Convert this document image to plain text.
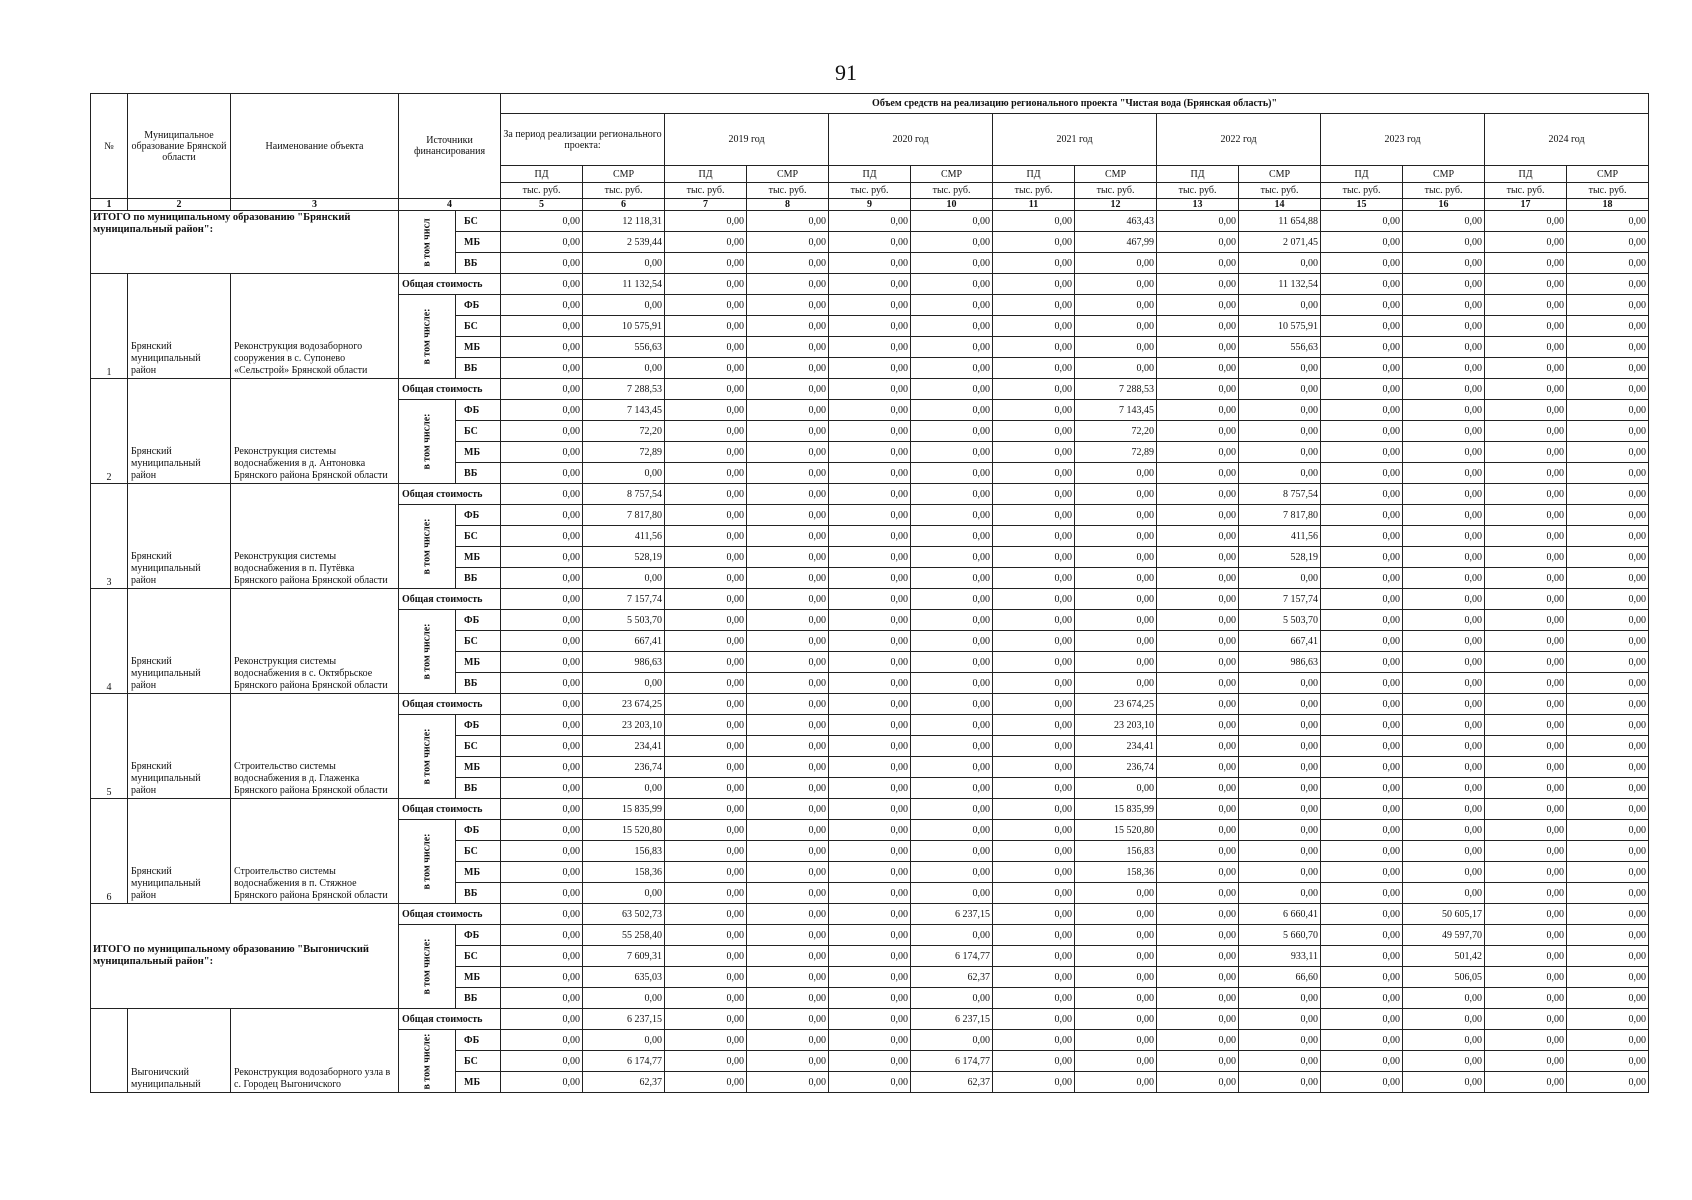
91
№	Муниципальное образование Брянской области	Наименование объекта	Источники финансирования		Объем средств на реализацию регионального проекта "Чистая вода (Брянская область)"													
					За период реализации регионального проекта:		2019 год		2020 год		2021 год		2022 год		2023 год		2024 год	
					ПД	СМР	ПД	СМР	ПД	СМР	ПД	СМР	ПД	СМР	ПД	СМР	ПД	СМР
					тыс. руб.	тыс. руб.	тыс. руб.	тыс. руб.	тыс. руб.	тыс. руб.	тыс. руб.	тыс. руб.	тыс. руб.	тыс. руб.	тыс. руб.	тыс. руб.	тыс. руб.	тыс. руб.
1	2	3	4		5	6	7	8	9	10	11	12	13	14	15	16	17	18
ИТОГО по муниципальному образованию "Брянский муниципальный район":			в том числ	БС	0,00	12 118,31	0,00	0,00	0,00	0,00	0,00	463,43	0,00	11 654,88	0,00	0,00	0,00	0,00
				МБ	0,00	2 539,44	0,00	0,00	0,00	0,00	0,00	467,99	0,00	2 071,45	0,00	0,00	0,00	0,00
				ВБ	0,00	0,00	0,00	0,00	0,00	0,00	0,00	0,00	0,00	0,00	0,00	0,00	0,00	0,00
1	Брянский муниципальный район	Реконструкция водозаборного сооружения в с. Супонево «Сельстрой» Брянской области	Общая стоимость		0,00	11 132,54	0,00	0,00	0,00	0,00	0,00	0,00	0,00	11 132,54	0,00	0,00	0,00	0,00
			в том числе:	ФБ	0,00	0,00	0,00	0,00	0,00	0,00	0,00	0,00	0,00	0,00	0,00	0,00	0,00	0,00
				БС	0,00	10 575,91	0,00	0,00	0,00	0,00	0,00	0,00	0,00	10 575,91	0,00	0,00	0,00	0,00
				МБ	0,00	556,63	0,00	0,00	0,00	0,00	0,00	0,00	0,00	556,63	0,00	0,00	0,00	0,00
				ВБ	0,00	0,00	0,00	0,00	0,00	0,00	0,00	0,00	0,00	0,00	0,00	0,00	0,00	0,00
2	Брянский муниципальный район	Реконструкция системы водоснабжения в д. Антоновка Брянского района Брянской области	Общая стоимость		0,00	7 288,53	0,00	0,00	0,00	0,00	0,00	7 288,53	0,00	0,00	0,00	0,00	0,00	0,00
			в том числе:	ФБ	0,00	7 143,45	0,00	0,00	0,00	0,00	0,00	7 143,45	0,00	0,00	0,00	0,00	0,00	0,00
				БС	0,00	72,20	0,00	0,00	0,00	0,00	0,00	72,20	0,00	0,00	0,00	0,00	0,00	0,00
				МБ	0,00	72,89	0,00	0,00	0,00	0,00	0,00	72,89	0,00	0,00	0,00	0,00	0,00	0,00
				ВБ	0,00	0,00	0,00	0,00	0,00	0,00	0,00	0,00	0,00	0,00	0,00	0,00	0,00	0,00
3	Брянский муниципальный район	Реконструкция системы водоснабжения в п. Путёвка Брянского района Брянской области	Общая стоимость		0,00	8 757,54	0,00	0,00	0,00	0,00	0,00	0,00	0,00	8 757,54	0,00	0,00	0,00	0,00
			в том числе:	ФБ	0,00	7 817,80	0,00	0,00	0,00	0,00	0,00	0,00	0,00	7 817,80	0,00	0,00	0,00	0,00
				БС	0,00	411,56	0,00	0,00	0,00	0,00	0,00	0,00	0,00	411,56	0,00	0,00	0,00	0,00
				МБ	0,00	528,19	0,00	0,00	0,00	0,00	0,00	0,00	0,00	528,19	0,00	0,00	0,00	0,00
				ВБ	0,00	0,00	0,00	0,00	0,00	0,00	0,00	0,00	0,00	0,00	0,00	0,00	0,00	0,00
4	Брянский муниципальный район	Реконструкция системы водоснабжения в с. Октябрьское Брянского района Брянской области	Общая стоимость		0,00	7 157,74	0,00	0,00	0,00	0,00	0,00	0,00	0,00	7 157,74	0,00	0,00	0,00	0,00
			в том числе:	ФБ	0,00	5 503,70	0,00	0,00	0,00	0,00	0,00	0,00	0,00	5 503,70	0,00	0,00	0,00	0,00
				БС	0,00	667,41	0,00	0,00	0,00	0,00	0,00	0,00	0,00	667,41	0,00	0,00	0,00	0,00
				МБ	0,00	986,63	0,00	0,00	0,00	0,00	0,00	0,00	0,00	986,63	0,00	0,00	0,00	0,00
				ВБ	0,00	0,00	0,00	0,00	0,00	0,00	0,00	0,00	0,00	0,00	0,00	0,00	0,00	0,00
5	Брянский муниципальный район	Строительство системы водоснабжения в д. Глаженка Брянского района Брянской области	Общая стоимость		0,00	23 674,25	0,00	0,00	0,00	0,00	0,00	23 674,25	0,00	0,00	0,00	0,00	0,00	0,00
			в том числе:	ФБ	0,00	23 203,10	0,00	0,00	0,00	0,00	0,00	23 203,10	0,00	0,00	0,00	0,00	0,00	0,00
				БС	0,00	234,41	0,00	0,00	0,00	0,00	0,00	234,41	0,00	0,00	0,00	0,00	0,00	0,00
				МБ	0,00	236,74	0,00	0,00	0,00	0,00	0,00	236,74	0,00	0,00	0,00	0,00	0,00	0,00
				ВБ	0,00	0,00	0,00	0,00	0,00	0,00	0,00	0,00	0,00	0,00	0,00	0,00	0,00	0,00
6	Брянский муниципальный район	Строительство системы водоснабжения в п. Стяжное Брянского района Брянской области	Общая стоимость		0,00	15 835,99	0,00	0,00	0,00	0,00	0,00	15 835,99	0,00	0,00	0,00	0,00	0,00	0,00
			в том числе:	ФБ	0,00	15 520,80	0,00	0,00	0,00	0,00	0,00	15 520,80	0,00	0,00	0,00	0,00	0,00	0,00
				БС	0,00	156,83	0,00	0,00	0,00	0,00	0,00	156,83	0,00	0,00	0,00	0,00	0,00	0,00
				МБ	0,00	158,36	0,00	0,00	0,00	0,00	0,00	158,36	0,00	0,00	0,00	0,00	0,00	0,00
				ВБ	0,00	0,00	0,00	0,00	0,00	0,00	0,00	0,00	0,00	0,00	0,00	0,00	0,00	0,00
ИТОГО по муниципальному образованию "Выгоничский муниципальный район":			Общая стоимость		0,00	63 502,73	0,00	0,00	0,00	6 237,15	0,00	0,00	0,00	6 660,41	0,00	50 605,17	0,00	0,00
			в том числе:	ФБ	0,00	55 258,40	0,00	0,00	0,00	0,00	0,00	0,00	0,00	5 660,70	0,00	49 597,70	0,00	0,00
				БС	0,00	7 609,31	0,00	0,00	0,00	6 174,77	0,00	0,00	0,00	933,11	0,00	501,42	0,00	0,00
				МБ	0,00	635,03	0,00	0,00	0,00	62,37	0,00	0,00	0,00	66,60	0,00	506,05	0,00	0,00
				ВБ	0,00	0,00	0,00	0,00	0,00	0,00	0,00	0,00	0,00	0,00	0,00	0,00	0,00	0,00
	Выгоничский муниципальный	Реконструкция водозаборного узла в с. Городец Выгоничского	Общая стоимость		0,00	6 237,15	0,00	0,00	0,00	6 237,15	0,00	0,00	0,00	0,00	0,00	0,00	0,00	0,00
			в том числе:	ФБ	0,00	0,00	0,00	0,00	0,00	0,00	0,00	0,00	0,00	0,00	0,00	0,00	0,00	0,00
				БС	0,00	6 174,77	0,00	0,00	0,00	6 174,77	0,00	0,00	0,00	0,00	0,00	0,00	0,00	0,00
				МБ	0,00	62,37	0,00	0,00	0,00	62,37	0,00	0,00	0,00	0,00	0,00	0,00	0,00	0,00
